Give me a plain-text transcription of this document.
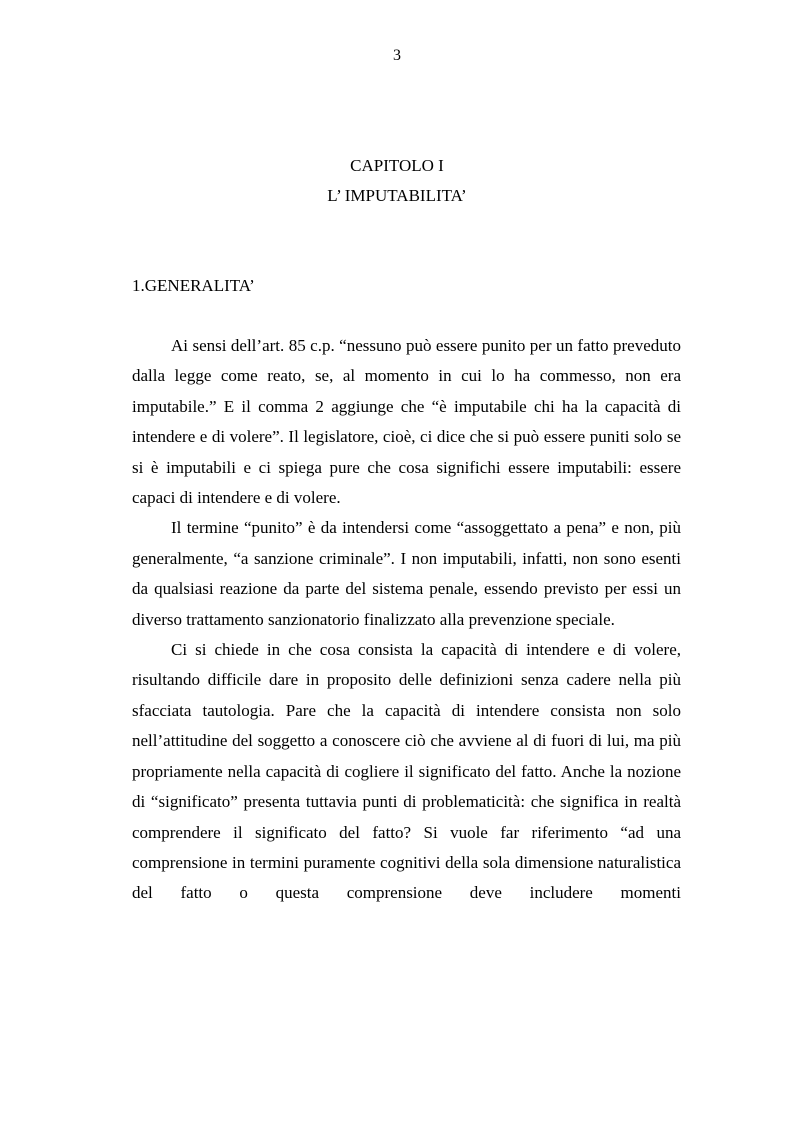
3
CAPITOLO I
L’ IMPUTABILITA’
1.GENERALITA’

Ai sensi dell’art. 85 c.p. “nessuno può essere punito per un fatto preveduto dalla legge come reato, se, al momento in cui lo ha commesso, non era imputabile.” E il comma 2 aggiunge che “è imputabile chi ha la capacità di intendere e di volere”. Il legislatore, cioè, ci dice che si può essere puniti solo se si è imputabili e ci spiega pure che cosa significhi essere imputabili: essere capaci di intendere e di volere.

Il termine “punito” è da intendersi come “assoggettato a pena” e non, più generalmente, “a sanzione criminale”. I non imputabili, infatti, non sono esenti da qualsiasi reazione da parte del sistema penale, essendo previsto per essi un diverso trattamento sanzionatorio finalizzato alla prevenzione speciale.

Ci si chiede in che cosa consista la capacità di intendere e di volere, risultando difficile dare in proposito delle definizioni senza cadere nella più sfacciata tautologia. Pare che la capacità di intendere consista non solo nell’attitudine del soggetto a conoscere ciò che avviene al di fuori di lui, ma più propriamente nella capacità di cogliere il significato del fatto. Anche la nozione di “significato” presenta tuttavia punti di problematicità: che significa in realtà comprendere il significato del fatto? Si vuole far riferimento “ad una comprensione in termini puramente cognitivi della sola dimensione naturalistica del fatto o questa comprensione deve includere momenti
